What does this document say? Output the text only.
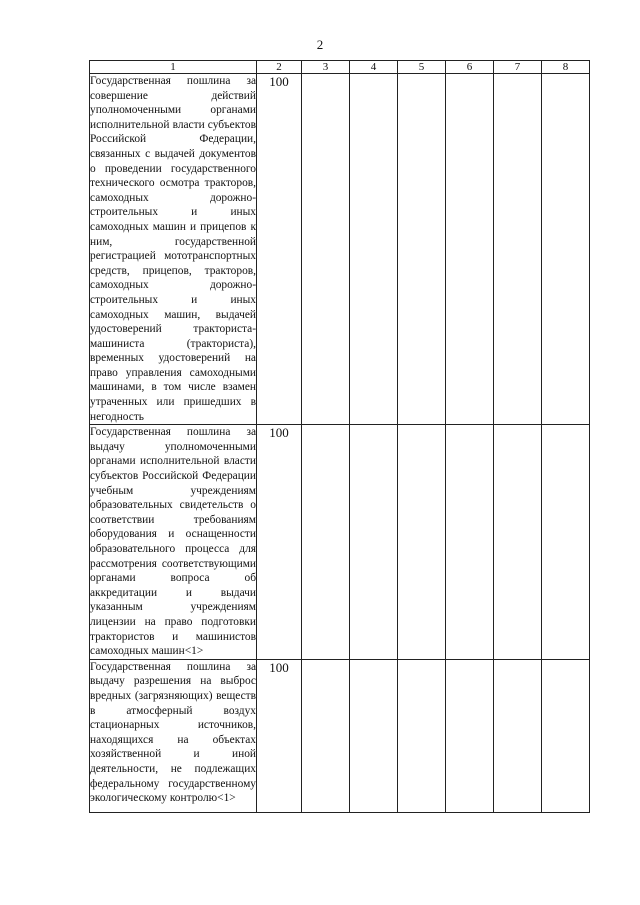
2
1	2	3	4	5	6	7	8
Государственная пошлина за совершение действий уполномоченными органами исполнительной власти субъектов Российской Федерации, связанных с выдачей документов о проведении государственного технического осмотра тракторов, самоходных дорожно-строительных и иных самоходных машин и прицепов к ним, государственной регистрацией мототранспортных средств, прицепов, тракторов, самоходных дорожно-строительных и иных самоходных машин, выдачей удостоверений тракториста-машиниста (тракториста), временных удостоверений на право управления самоходными машинами, в том числе взамен утраченных или пришедших в негодность	100						
Государственная пошлина за выдачу уполномоченными органами исполнительной власти субъектов Российской Федерации учебным учреждениям образовательных свидетельств о соответствии требованиям оборудования и оснащенности образовательного процесса для рассмотрения соответствующими органами вопроса об аккредитации и выдачи указанным учреждениям лицензии на право подготовки трактористов и машинистов самоходных машин<1>	100						
Государственная пошлина за выдачу разрешения на выброс вредных (загрязняющих) веществ в атмосферный воздух стационарных источников, находящихся на объектах хозяйственной и иной деятельности, не подлежащих федеральному государственному экологическому контролю<1>	100						
